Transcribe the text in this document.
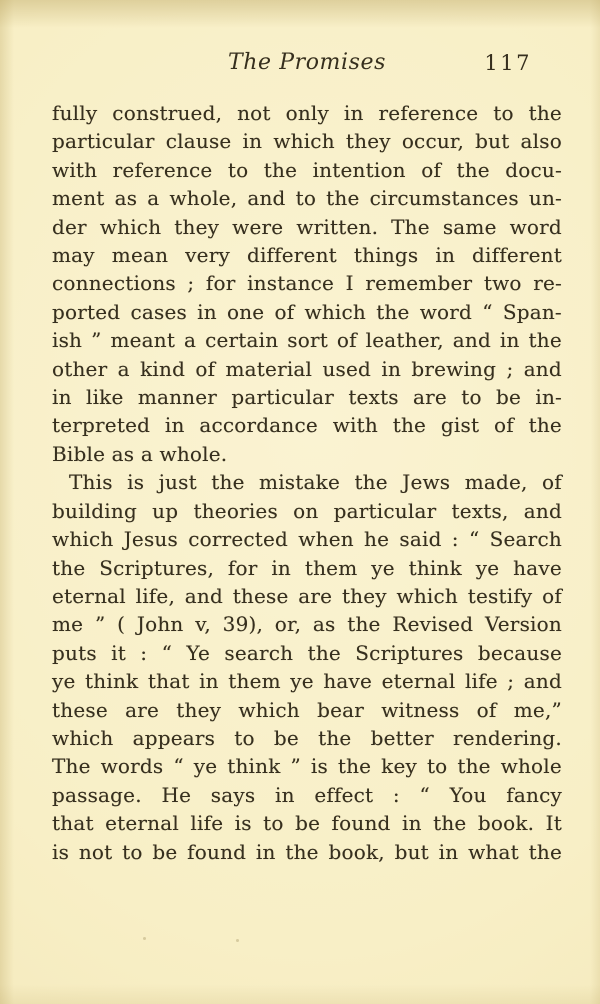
The Promises	117
fully construed, not only in reference to the
particular clause in which they occur, but also
with reference to the intention of the docu-
ment as a whole, and to the circumstances un-
der which they were written. The same word
may mean very different things in different
connections ; for instance I remember two re-
ported cases in one of which the word “ Span-
ish ” meant a certain sort of leather, and in the
other a kind of material used in brewing ; and
in like manner particular texts are to be in-
terpreted in accordance with the gist of the
Bible as a whole.
This is just the mistake the Jews made, of
building up theories on particular texts, and
which Jesus corrected when he said : “ Search
the Scriptures, for in them ye think ye have
eternal life, and these are they which testify of
me ” ( John v, 39), or, as the Revised Version
puts it : “ Ye search the Scriptures because
ye think that in them ye have eternal life ; and
these are they which bear witness of me,”
which appears to be the better rendering.
The words “ ye think ” is the key to the whole
passage. He says in effect : “ You fancy
that eternal life is to be found in the book. It
is not to be found in the book, but in what the
